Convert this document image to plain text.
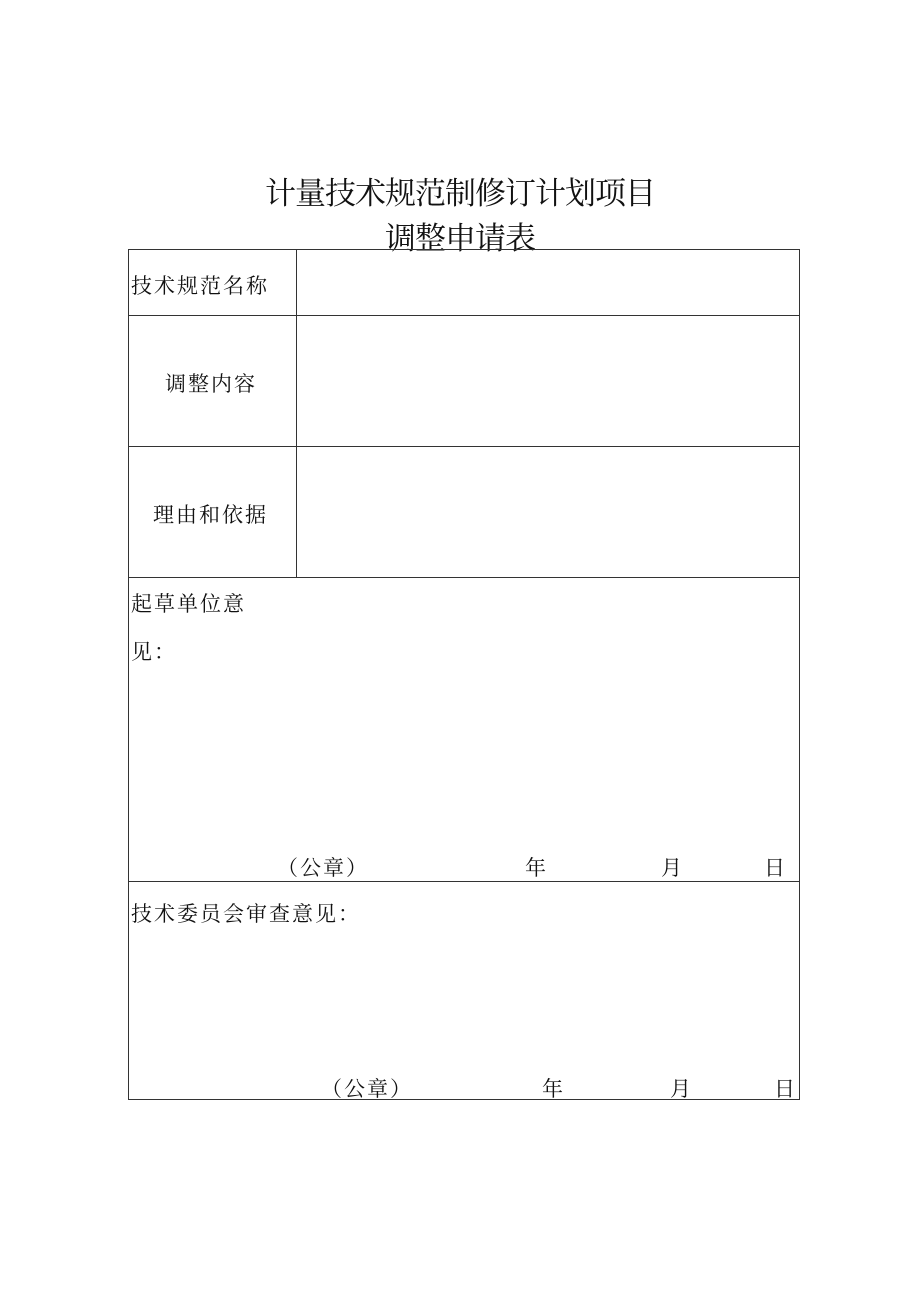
计量技术规范制修订计划项目
调整申请表
技术规范名称
调整内容
理由和依据
起草单位意
见：
（公章）	年	月	日
技术委员会审查意见：
（公章）	年	月	日
